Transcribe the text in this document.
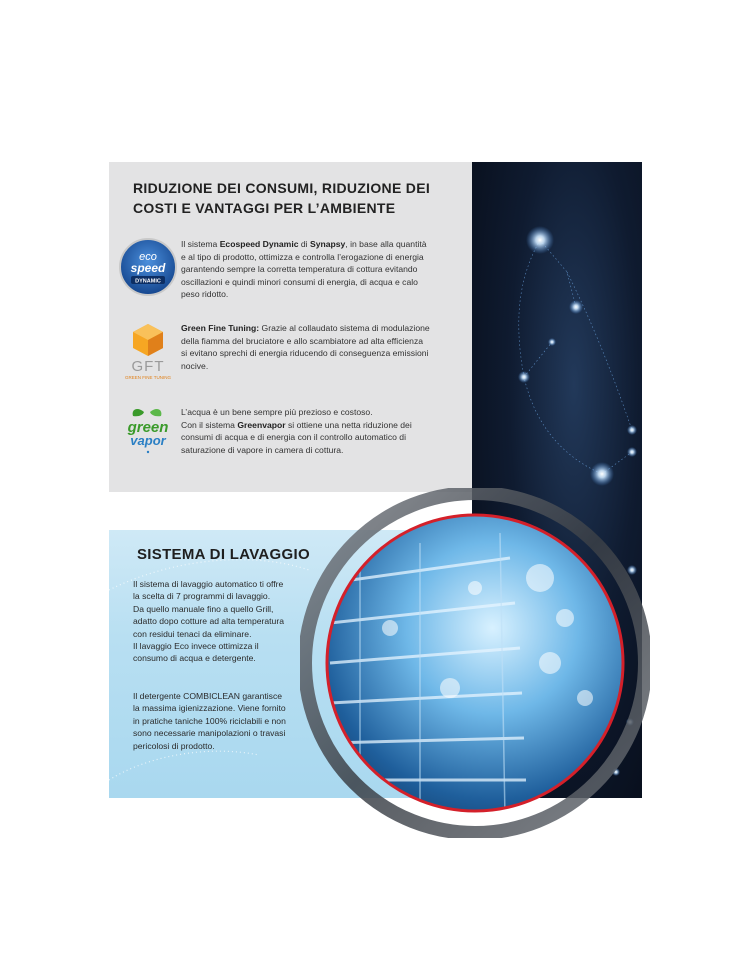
RIDUZIONE DEI CONSUMI, RIDUZIONE DEI
COSTI E VANTAGGI PER L’AMBIENTE
eco
speed
DYNAMIC
Il sistema Ecospeed Dynamic di Synapsy, in base alla quantità
e al tipo di prodotto, ottimizza e controlla l’erogazione di energia
garantendo sempre la corretta temperatura di cottura evitando
oscillazioni e quindi minori consumi di energia, di acqua e calo
peso ridotto.
GFT
GREEN FINE TUNING
Green Fine Tuning: Grazie al collaudato sistema di modulazione
della fiamma del bruciatore e allo scambiatore ad alta efficienza
si evitano sprechi di energia riducendo di conseguenza emissioni
nocive.
green
vapor
L’acqua è un bene sempre più prezioso e costoso.
Con il sistema Greenvapor si ottiene una netta riduzione dei
consumi di acqua e di energia con il controllo automatico di
saturazione di vapore in camera di cottura.
SISTEMA DI LAVAGGIO
Il sistema di lavaggio automatico ti offre
la scelta di 7 programmi di lavaggio.
Da quello manuale fino a quello Grill,
adatto dopo cotture ad alta temperatura
con residui tenaci da eliminare.
Il lavaggio Eco invece ottimizza il
consumo di acqua e detergente.
Il detergente COMBICLEAN garantisce
la massima igienizzazione. Viene fornito
in pratiche taniche 100% riciclabili e non
sono necessarie manipolazioni o travasi
pericolosi di prodotto.
